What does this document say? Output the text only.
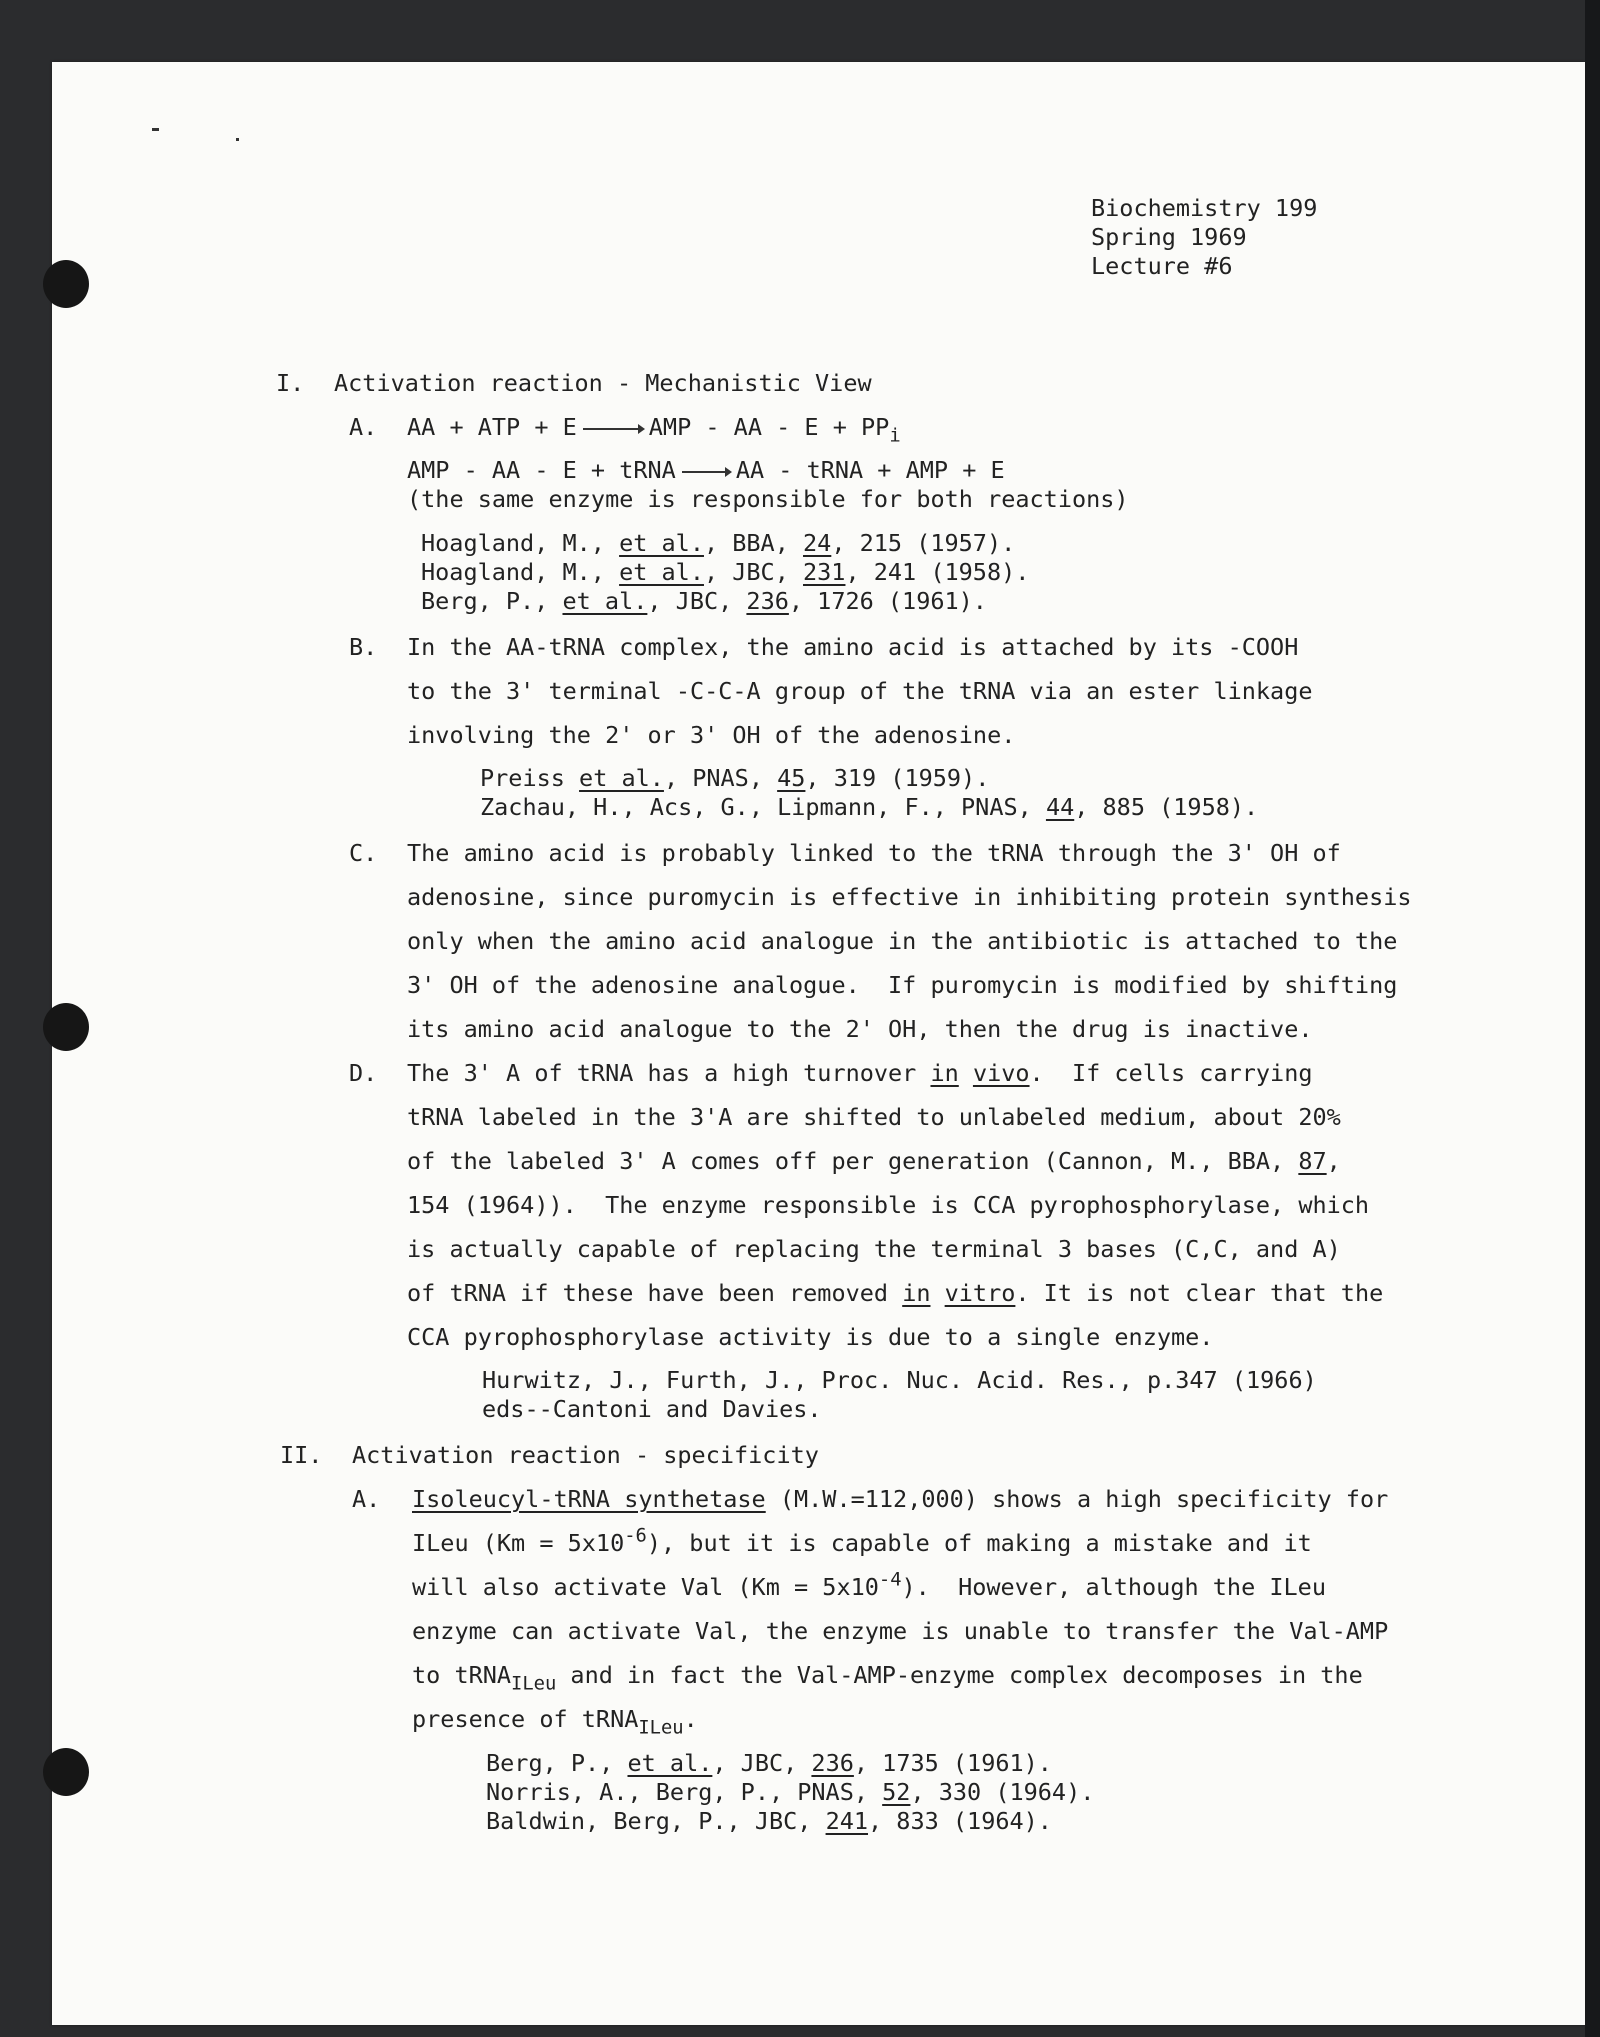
Biochemistry 199
Spring 1969
Lecture #6
I. Activation reaction - Mechanistic View
A. AA + ATP + E	AMP - AA - $E + PP_i$
AMP - AA - E + tRNA	AA - tRNA + AMP + E
(the same enzyme is responsible for both reactions)
Hoagland, M., et al., BBA, 24, 215 (1957).
Hoagland, M., et al., JBC, 231, 241 (1958).
Berg, P., et al., JBC, 236, 1726 (1961).
B. In the AA-tRNA complex, the amino acid is attached by its -COOH
to the 3' terminal -C-C-A group of the tRNA via an ester linkage
involving the 2' or 3' OH of the adenosine.
Preiss et al., PNAS, 45, 319 (1959).
Zachau, H., Acs, G., Lipmann, F., PNAS, 44, 885 (1958).
C. The amino acid is probably linked to the tRNA through the 3' OH of
adenosine, since puromycin is effective in inhibiting protein synthesis
only when the amino acid analogue in the antibiotic is attached to the
3' OH of the adenosine analogue.  If puromycin is modified by shifting
its amino acid analogue to the 2' OH, then the drug is inactive.
D. The 3' A of tRNA has a high turnover in vivo.  If cells carrying
tRNA labeled in the 3'A are shifted to unlabeled medium, about 20%
of the labeled 3' A comes off per generation (Cannon, M., BBA, 87,
154 (1964)).  The enzyme responsible is CCA pyrophosphorylase, which
is actually capable of replacing the terminal 3 bases (C,C, and A)
of tRNA if these have been removed in vitro. It is not clear that the
CCA pyrophosphorylase activity is due to a single enzyme.
Hurwitz, J., Furth, J., Proc. Nuc. Acid. Res., p.347 (1966)
eds--Cantoni and Davies.
II. Activation reaction - specificity
A. Isoleucyl-tRNA synthetase (M.W.=112,000) shows a high specificity for
ILeu $(Km = 5x10^{-6})$, but it is capable of making a mistake and it
will also activate Val $(Km = 5x10^{-4})$.  However, although the ILeu
enzyme can activate Val, the enzyme is unable to transfer the Val-AMP
to tRNA$_{ILeu}$ and in fact the Val-AMP-enzyme complex decomposes in the
presence of tRNA$_{ILeu}$.
Berg, P., et al., JBC, 236, 1735 (1961).
Norris, A., Berg, P., PNAS, 52, 330 (1964).
Baldwin, Berg, P., JBC, 241, 833 (1964).
